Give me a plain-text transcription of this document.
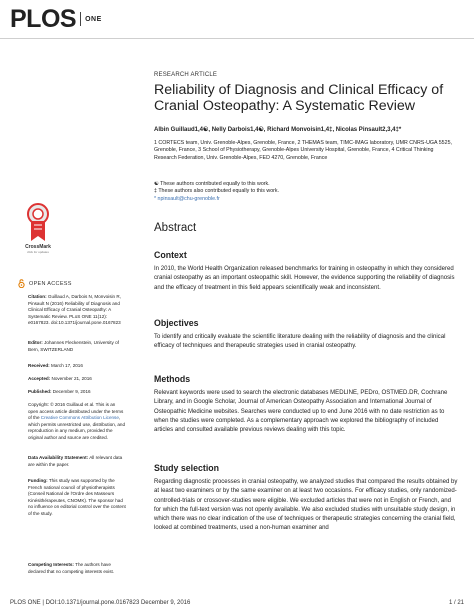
PLOS ONE
CrossMark
click for updates
OPEN ACCESS
Citation: Guillaud A, Darbois N, Monvoisin R, Pinsault N (2016) Reliability of Diagnosis and Clinical Efficacy of Cranial Osteopathy: A Systematic Review. PLoS ONE 11(12): e0167823. doi:10.1371/journal.pone.0167823
Editor: Johannes Fleckenstein, University of Bern, SWITZERLAND
Received: March 17, 2016
Accepted: November 21, 2016
Published: December 9, 2016
Copyright: © 2016 Guillaud et al. This is an open access article distributed under the terms of the Creative Commons Attribution License, which permits unrestricted use, distribution, and reproduction in any medium, provided the original author and source are credited.
Data Availability Statement: All relevant data are within the paper.
Funding: This study was supported by the French national council of physiotherapists (Conseil National de l'Ordre des Masseurs Kinésithérapeutes, CNOMK). The sponsor had no influence on editorial control over the content of the study.
Competing Interests: The authors have declared that no competing interests exist.
RESEARCH ARTICLE
Reliability of Diagnosis and Clinical Efficacy of Cranial Osteopathy: A Systematic Review
Albin Guillaud1,4☯, Nelly Darbois1,4☯, Richard Monvoisin1,4‡, Nicolas Pinsault2,3,4‡*
1 CORTECS team, Univ. Grenoble-Alpes, Grenoble, France, 2 THEMAS team, TIMC-IMAG laboratory, UMR CNRS-UGA 5525, Grenoble, France, 3 School of Physiotherapy, Grenoble-Alpes University Hospital, Grenoble, France, 4 Critical Thinking Research Federation, Univ. Grenoble-Alpes, FED 4270, Grenoble, France
☯ These authors contributed equally to this work.
‡ These authors also contributed equally to this work.
* npinsault@chu-grenoble.fr
Abstract
Context

In 2010, the World Health Organization released benchmarks for training in osteopathy in which they considered cranial osteopathy as an important osteopathic skill. However, the evidence supporting the reliability of diagnosis and the efficacy of treatment in this field appears scientifically weak and inconsistent.

Objectives

To identify and critically evaluate the scientific literature dealing with the reliability of diagnosis and the clinical efficacy of techniques and therapeutic strategies used in cranial osteopathy.

Methods

Relevant keywords were used to search the electronic databases MEDLINE, PEDro, OSTMED.DR, Cochrane Library, and in Google Scholar, Journal of American Osteopathy Association and International Journal of Osteopathic Medicine websites. Searches were conducted up to end June 2016 with no date restriction as to when the studies were completed. As a complementary approach we explored the bibliography of included articles and consulted available previous reviews dealing with this topic.

Study selection

Regarding diagnostic processes in cranial osteopathy, we analyzed studies that compared the results obtained by at least two examiners or by the same examiner on at least two occasions. For efficacy studies, only randomized-controlled-trials or crossover-studies were eligible. We excluded articles that were not in English or French, and for which the full-text version was not openly available. We also excluded studies with unsuitable study design, in which there was no clear indication of the use of techniques or therapeutic strategies concerning the cranial field, looked at combined treatments, used a non-human examiner and

PLOS ONE | DOI:10.1371/journal.pone.0167823 December 9, 2016	1 / 21
